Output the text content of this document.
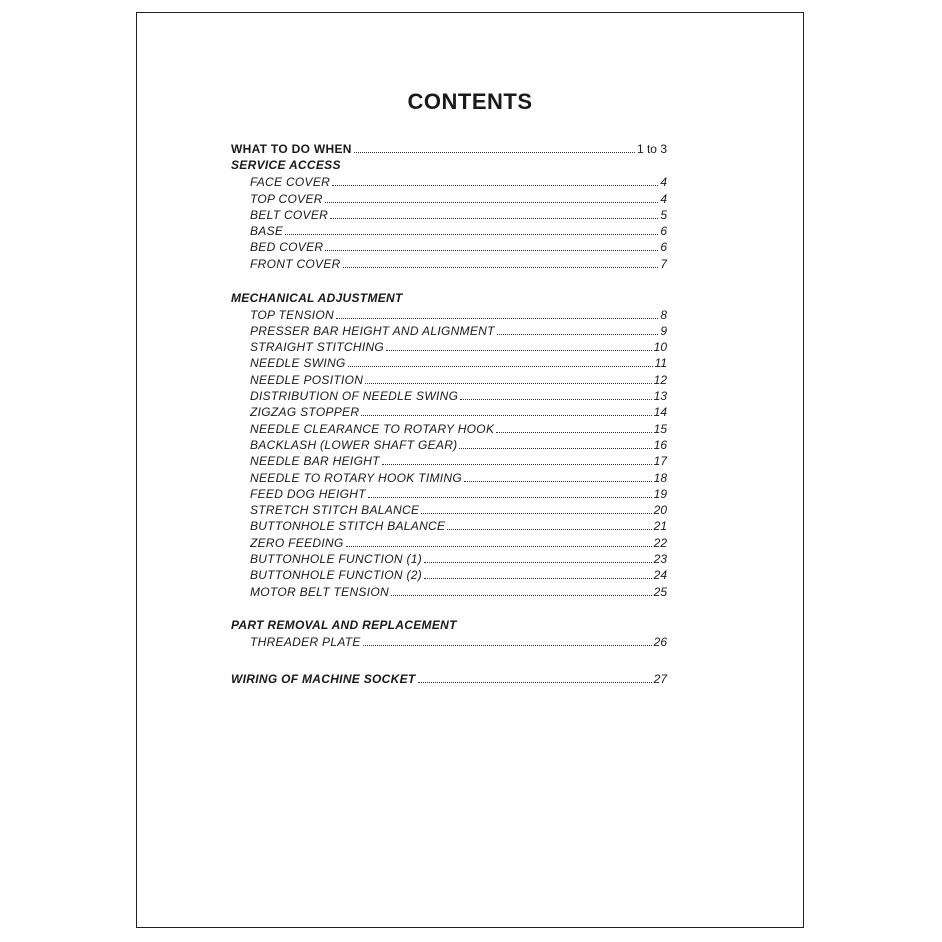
CONTENTS
WHAT TO DO WHEN	1 to 3
SERVICE ACCESS
FACE COVER	4
TOP COVER	4
BELT COVER	5
BASE	6
BED COVER	6
FRONT COVER	7
MECHANICAL ADJUSTMENT
TOP TENSION	8
PRESSER BAR HEIGHT AND ALIGNMENT	9
STRAIGHT STITCHING	10
NEEDLE SWING	11
NEEDLE POSITION	12
DISTRIBUTION OF NEEDLE SWING	13
ZIGZAG STOPPER	14
NEEDLE CLEARANCE TO ROTARY HOOK	15
BACKLASH (LOWER SHAFT GEAR)	16
NEEDLE BAR HEIGHT	17
NEEDLE TO ROTARY HOOK TIMING	18
FEED DOG HEIGHT	19
STRETCH STITCH BALANCE	20
BUTTONHOLE STITCH BALANCE	21
ZERO FEEDING	22
BUTTONHOLE FUNCTION (1)	23
BUTTONHOLE FUNCTION (2)	24
MOTOR BELT TENSION	25
PART REMOVAL AND REPLACEMENT
THREADER PLATE	26
WIRING OF MACHINE SOCKET	27
